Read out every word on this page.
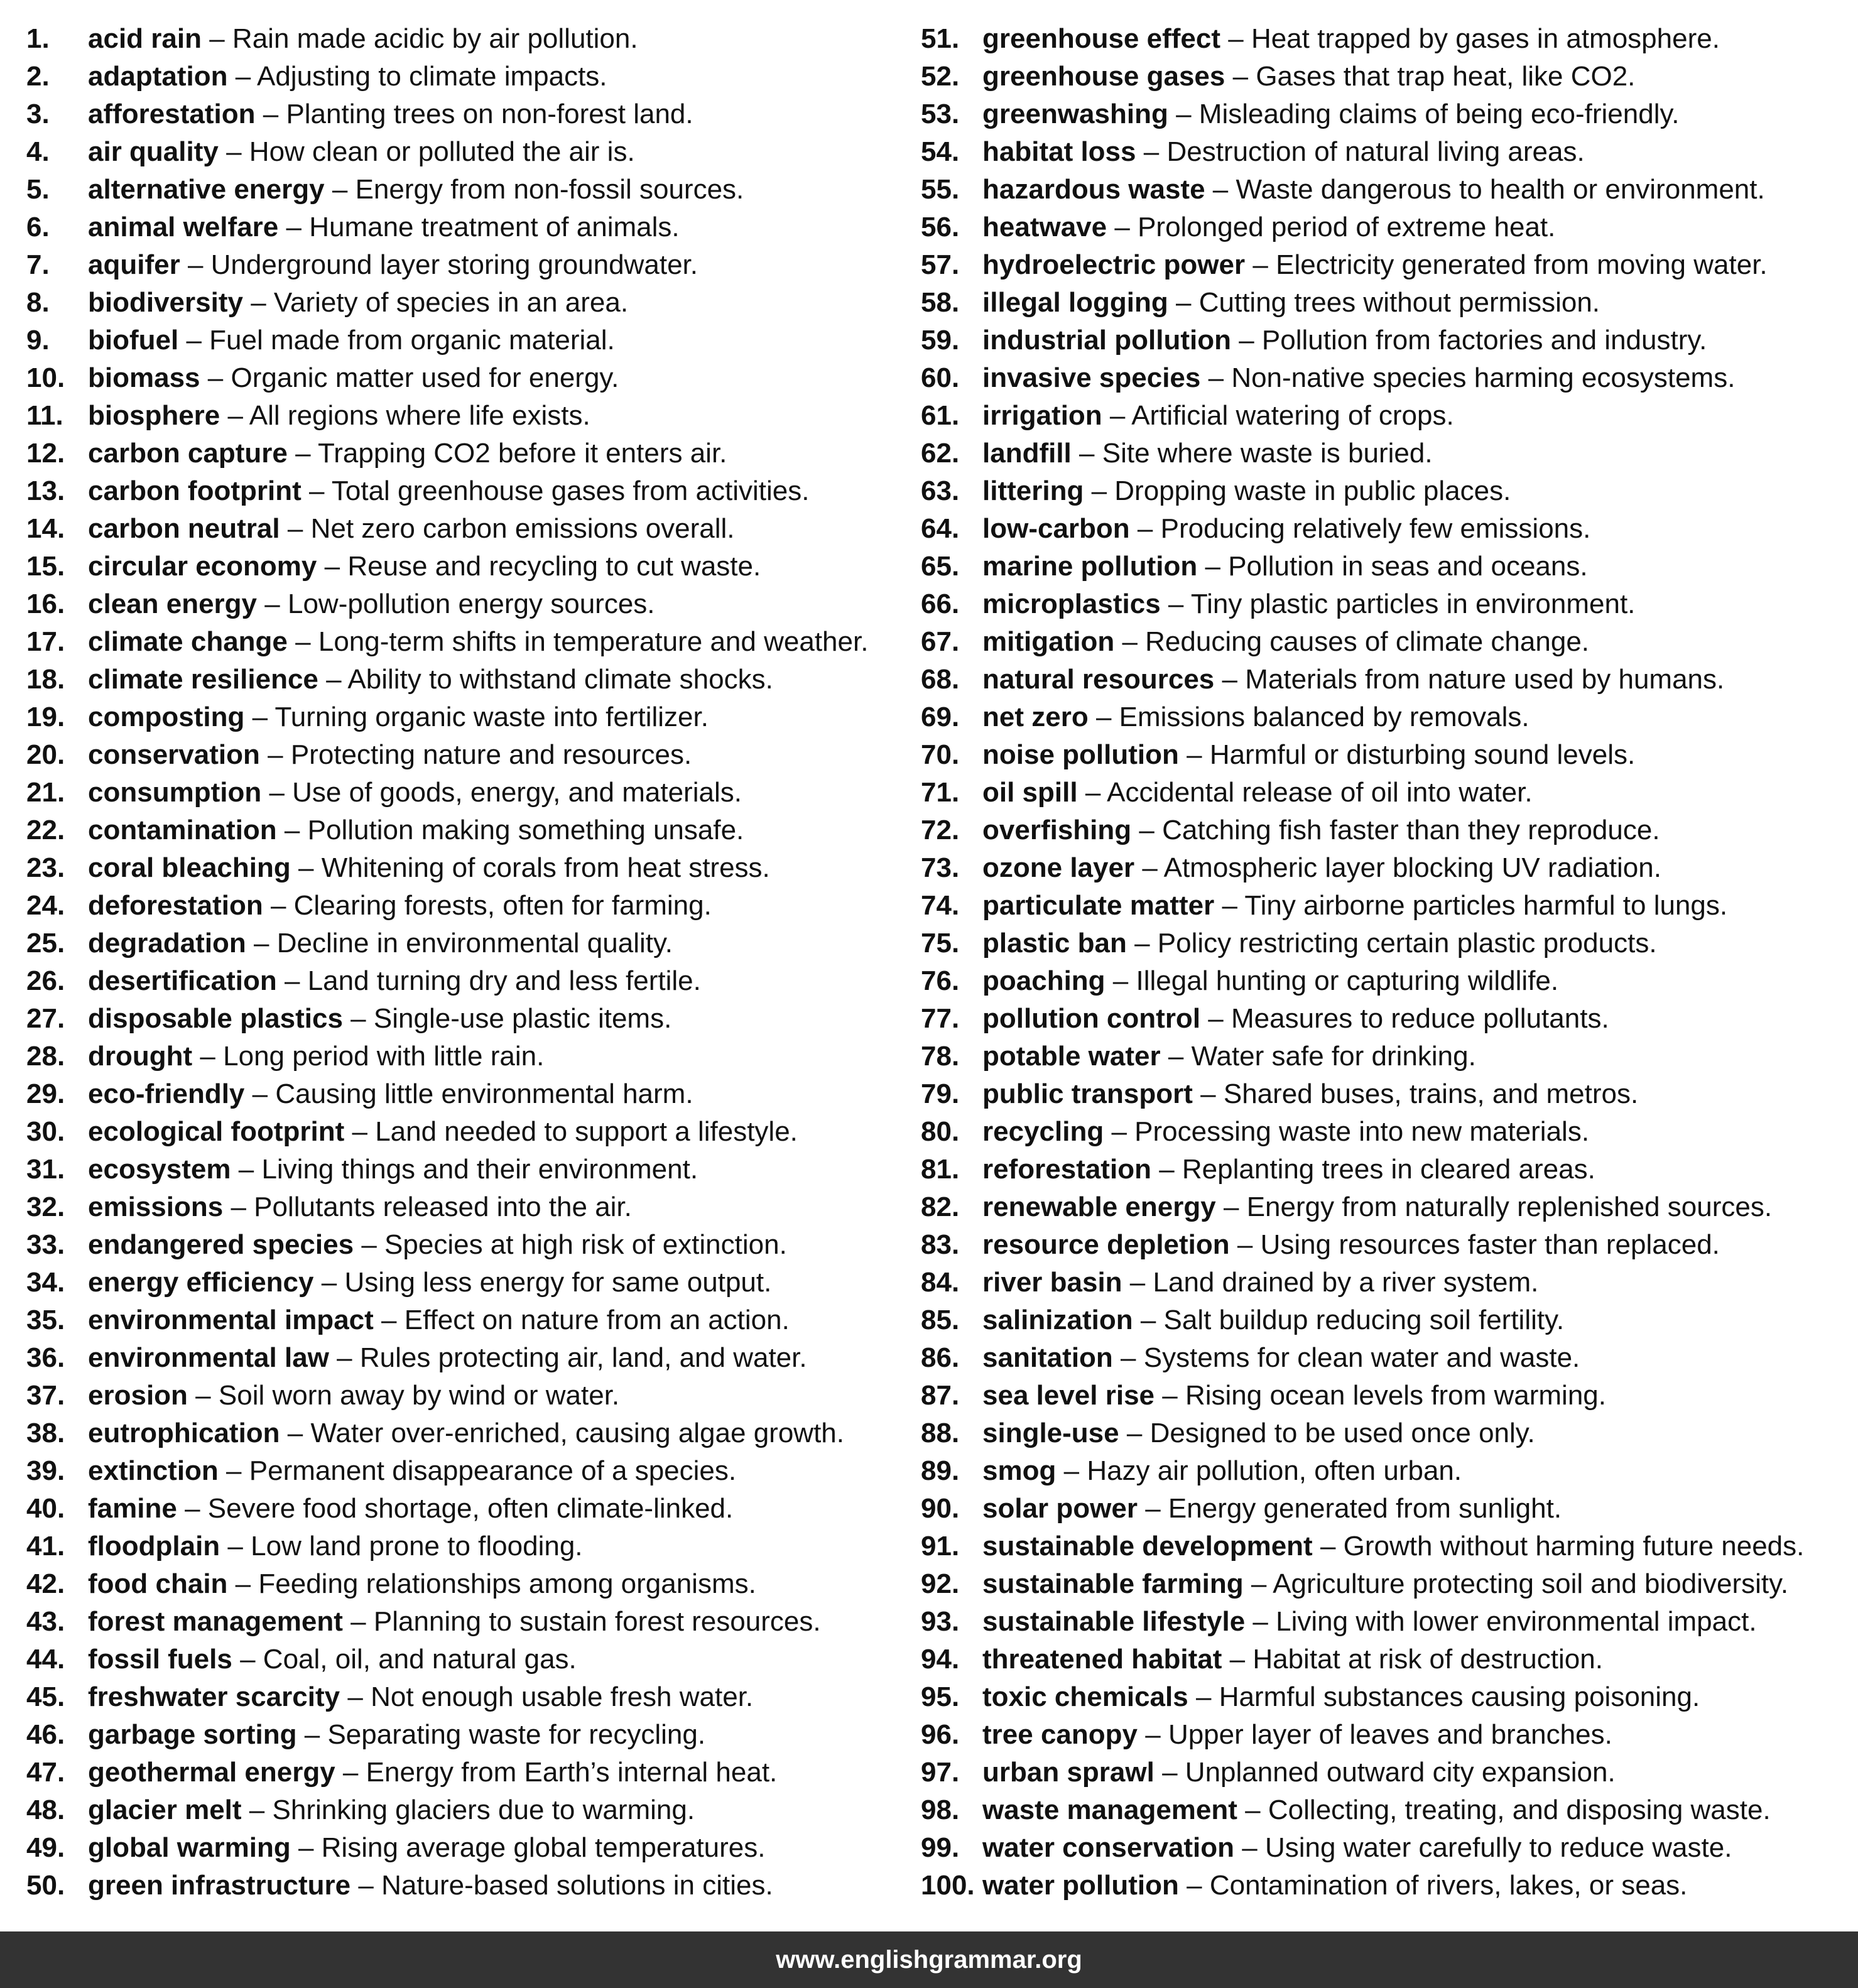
1. acid rain – Rain made acidic by air pollution.
2. adaptation – Adjusting to climate impacts.
3. afforestation – Planting trees on non-forest land.
4. air quality – How clean or polluted the air is.
5. alternative energy – Energy from non-fossil sources.
6. animal welfare – Humane treatment of animals.
7. aquifer – Underground layer storing groundwater.
8. biodiversity – Variety of species in an area.
9. biofuel – Fuel made from organic material.
10. biomass – Organic matter used for energy.
11. biosphere – All regions where life exists.
12. carbon capture – Trapping CO2 before it enters air.
13. carbon footprint – Total greenhouse gases from activities.
14. carbon neutral – Net zero carbon emissions overall.
15. circular economy – Reuse and recycling to cut waste.
16. clean energy – Low-pollution energy sources.
17. climate change – Long-term shifts in temperature and weather.
18. climate resilience – Ability to withstand climate shocks.
19. composting – Turning organic waste into fertilizer.
20. conservation – Protecting nature and resources.
21. consumption – Use of goods, energy, and materials.
22. contamination – Pollution making something unsafe.
23. coral bleaching – Whitening of corals from heat stress.
24. deforestation – Clearing forests, often for farming.
25. degradation – Decline in environmental quality.
26. desertification – Land turning dry and less fertile.
27. disposable plastics – Single-use plastic items.
28. drought – Long period with little rain.
29. eco-friendly – Causing little environmental harm.
30. ecological footprint – Land needed to support a lifestyle.
31. ecosystem – Living things and their environment.
32. emissions – Pollutants released into the air.
33. endangered species – Species at high risk of extinction.
34. energy efficiency – Using less energy for same output.
35. environmental impact – Effect on nature from an action.
36. environmental law – Rules protecting air, land, and water.
37. erosion – Soil worn away by wind or water.
38. eutrophication – Water over-enriched, causing algae growth.
39. extinction – Permanent disappearance of a species.
40. famine – Severe food shortage, often climate-linked.
41. floodplain – Low land prone to flooding.
42. food chain – Feeding relationships among organisms.
43. forest management – Planning to sustain forest resources.
44. fossil fuels – Coal, oil, and natural gas.
45. freshwater scarcity – Not enough usable fresh water.
46. garbage sorting – Separating waste for recycling.
47. geothermal energy – Energy from Earth’s internal heat.
48. glacier melt – Shrinking glaciers due to warming.
49. global warming – Rising average global temperatures.
50. green infrastructure – Nature-based solutions in cities.
51. greenhouse effect – Heat trapped by gases in atmosphere.
52. greenhouse gases – Gases that trap heat, like CO2.
53. greenwashing – Misleading claims of being eco-friendly.
54. habitat loss – Destruction of natural living areas.
55. hazardous waste – Waste dangerous to health or environment.
56. heatwave – Prolonged period of extreme heat.
57. hydroelectric power – Electricity generated from moving water.
58. illegal logging – Cutting trees without permission.
59. industrial pollution – Pollution from factories and industry.
60. invasive species – Non-native species harming ecosystems.
61. irrigation – Artificial watering of crops.
62. landfill – Site where waste is buried.
63. littering – Dropping waste in public places.
64. low-carbon – Producing relatively few emissions.
65. marine pollution – Pollution in seas and oceans.
66. microplastics – Tiny plastic particles in environment.
67. mitigation – Reducing causes of climate change.
68. natural resources – Materials from nature used by humans.
69. net zero – Emissions balanced by removals.
70. noise pollution – Harmful or disturbing sound levels.
71. oil spill – Accidental release of oil into water.
72. overfishing – Catching fish faster than they reproduce.
73. ozone layer – Atmospheric layer blocking UV radiation.
74. particulate matter – Tiny airborne particles harmful to lungs.
75. plastic ban – Policy restricting certain plastic products.
76. poaching – Illegal hunting or capturing wildlife.
77. pollution control – Measures to reduce pollutants.
78. potable water – Water safe for drinking.
79. public transport – Shared buses, trains, and metros.
80. recycling – Processing waste into new materials.
81. reforestation – Replanting trees in cleared areas.
82. renewable energy – Energy from naturally replenished sources.
83. resource depletion – Using resources faster than replaced.
84. river basin – Land drained by a river system.
85. salinization – Salt buildup reducing soil fertility.
86. sanitation – Systems for clean water and waste.
87. sea level rise – Rising ocean levels from warming.
88. single-use – Designed to be used once only.
89. smog – Hazy air pollution, often urban.
90. solar power – Energy generated from sunlight.
91. sustainable development – Growth without harming future needs.
92. sustainable farming – Agriculture protecting soil and biodiversity.
93. sustainable lifestyle – Living with lower environmental impact.
94. threatened habitat – Habitat at risk of destruction.
95. toxic chemicals – Harmful substances causing poisoning.
96. tree canopy – Upper layer of leaves and branches.
97. urban sprawl – Unplanned outward city expansion.
98. waste management – Collecting, treating, and disposing waste.
99. water conservation – Using water carefully to reduce waste.
100. water pollution – Contamination of rivers, lakes, or seas.
www.englishgrammar.org
